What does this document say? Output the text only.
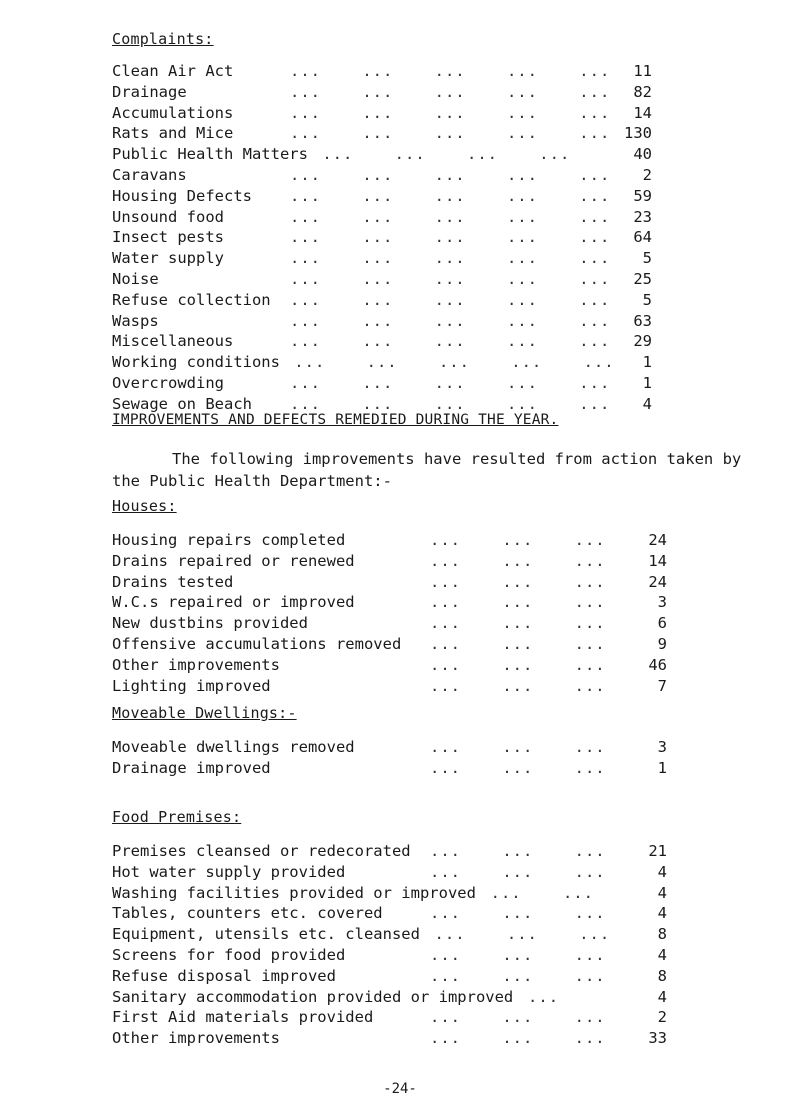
Complaints:
Clean Air Act	...    ...    ...    ...    ...	11
Drainage	...    ...    ...    ...    ...	82
Accumulations	...    ...    ...    ...    ...	14
Rats and Mice	...    ...    ...    ...    ... 130
Public Health Matters ...    ...    ...    ...	40
Caravans	...    ...    ...    ...    ...	2
Housing Defects ...    ...    ...    ...    ...	59
Unsound food	...    ...    ...    ...    ...	23
Insect pests	...    ...    ...    ...    ...	64
Water supply	...    ...    ...    ...    ...	5
Noise	...    ...    ...    ...    ...	25
Refuse collection ...    ...    ...    ...    ...	5
Wasps	...    ...    ...    ...    ...	63
Miscellaneous	...    ...    ...    ...    ...	29
Working conditions ...    ...    ...    ...    ...	1
Overcrowding	...    ...    ...    ...    ...	1
Sewage on Beach ...    ...    ...    ...    ...	4
IMPROVEMENTS AND DEFECTS REMEDIED DURING THE YEAR.

The following improvements have resulted from action taken by the Public Health Department:-

Houses:
Housing repairs completed	...    ...    ...	24
Drains repaired or renewed	...    ...    ...	14
Drains tested	...    ...    ...	24
W.C.s repaired or improved	...    ...    ...	3
New dustbins provided	...    ...    ...	6
Offensive accumulations removed ...    ...    ...	9
Other improvements	...    ...    ...	46
Lighting improved	...    ...    ...	7
Moveable Dwellings:-
Moveable dwellings removed	...    ...    ...	3
Drainage improved	...    ...    ...	1
Food Premises:
Premises cleansed or redecorated ...    ...    ...	21
Hot water supply provided	...    ...    ...	4
Washing facilities provided or improved ...    ...	4
Tables, counters etc. covered	...    ...    ...	4
Equipment, utensils etc. cleansed ...    ...    ...	8
Screens for food provided	...    ...    ...	4
Refuse disposal improved	...    ...    ...	8
Sanitary accommodation provided or improved ...	4
First Aid materials provided	...    ...    ...	2
Other improvements	...    ...    ...	33
-24-
